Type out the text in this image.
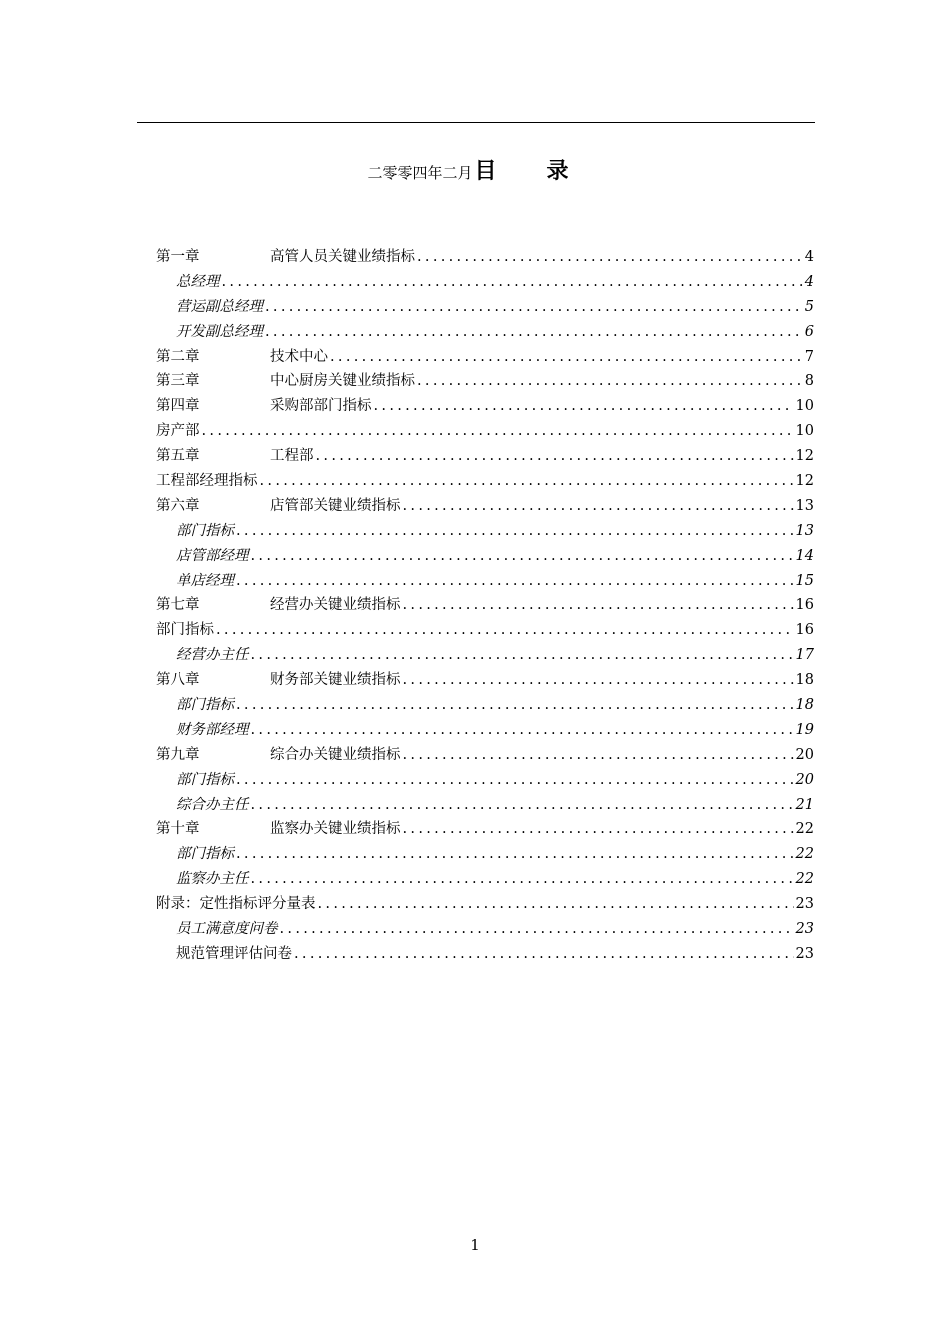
二零零四年二月目　录
第一章	高管人员关键业绩指标 .....	4
总经理 .....	4
营运副总经理 .....	5
开发副总经理 .....	6
第二章	技术中心 .....	7
第三章	中心厨房关键业绩指标 .....	8
第四章	采购部部门指标 .....	10
房产部 .....	10
第五章	工程部 .....	12
工程部经理指标 .....	12
第六章	店管部关键业绩指标 .....	13
部门指标 .....	13
店管部经理 .....	14
单店经理 .....	15
第七章	经营办关键业绩指标 .....	16
部门指标 .....	16
经营办主任 .....	17
第八章	财务部关键业绩指标 .....	18
部门指标 .....	18
财务部经理 .....	19
第九章	综合办关键业绩指标 .....	20
部门指标 .....	20
综合办主任 .....	21
第十章	监察办关键业绩指标 .....	22
部门指标 .....	22
监察办主任 .....	22
附录：定性指标评分量表 .....	23
员工满意度问卷 .....	23
规范管理评估问卷 .....	23
1
